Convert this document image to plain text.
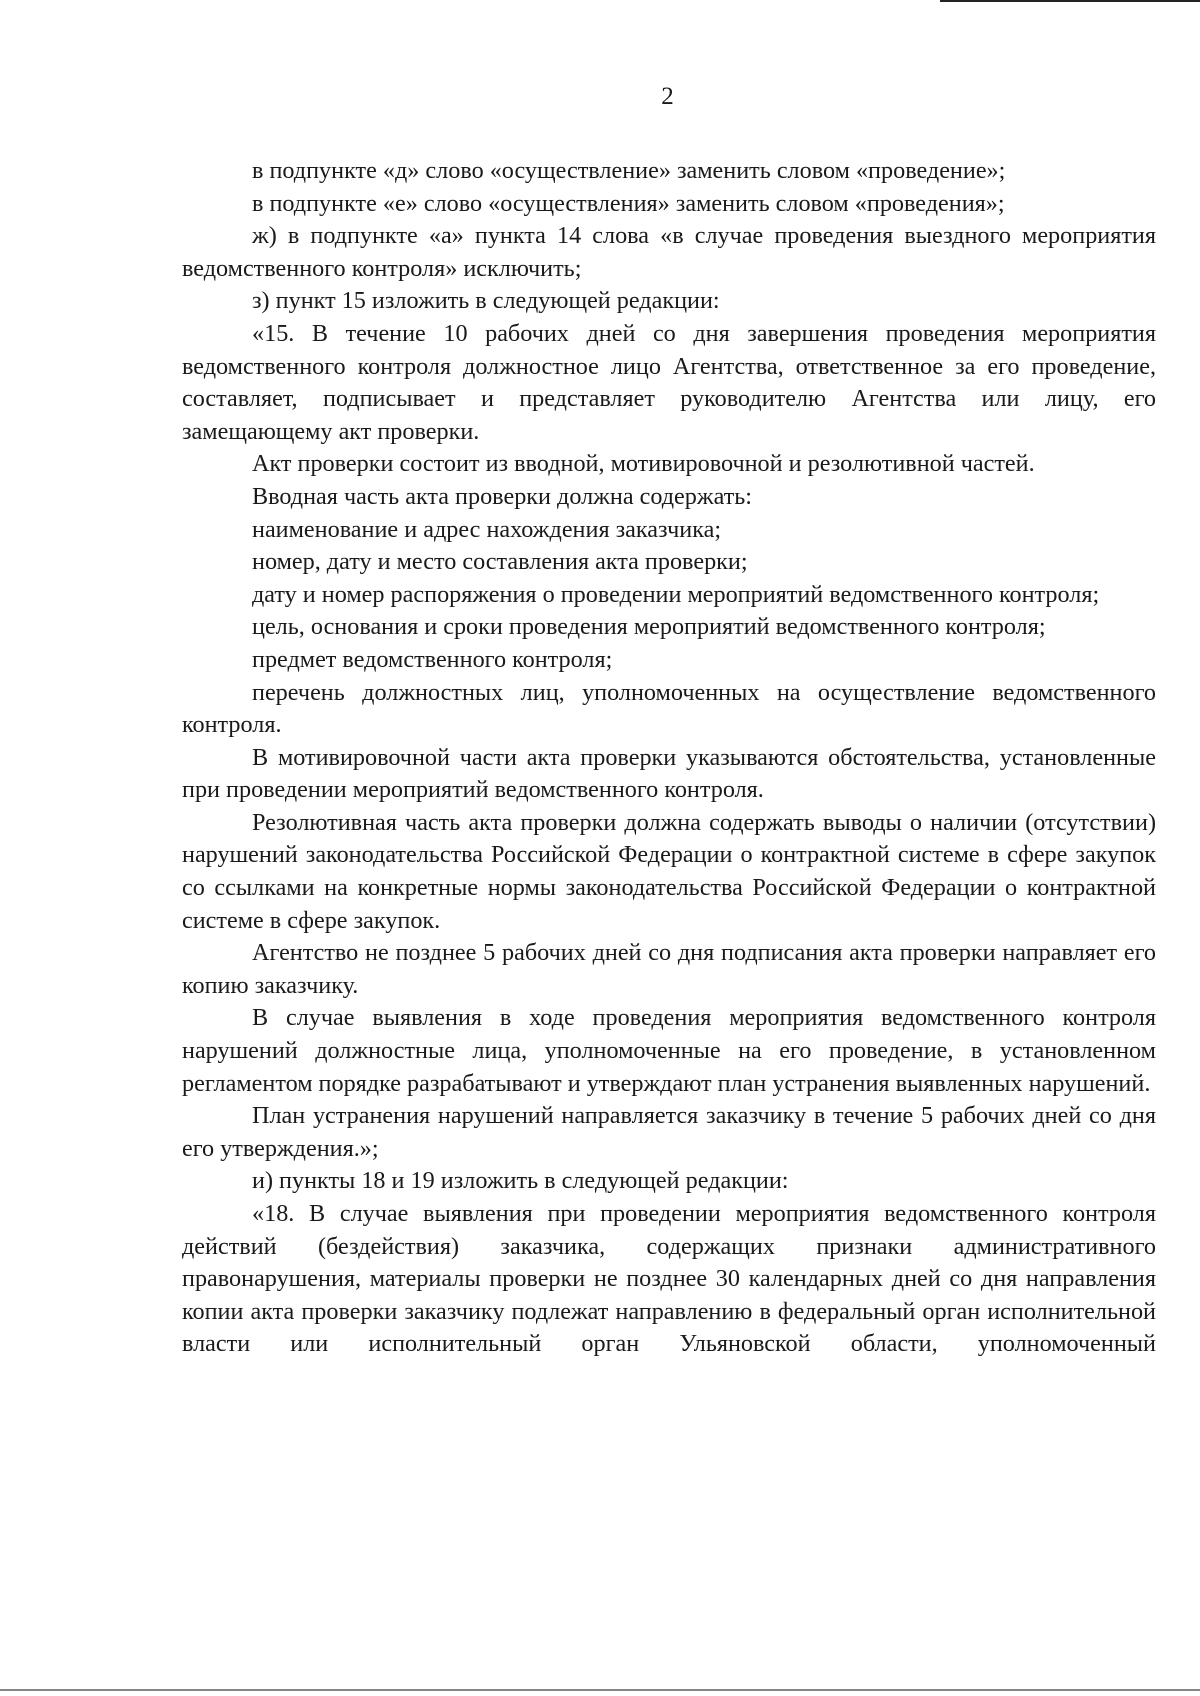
2

в подпункте «д» слово «осуществление» заменить словом «проведение»;

в подпункте «е» слово «осуществления» заменить словом «проведения»;

ж) в подпункте «а» пункта 14 слова «в случае проведения выездного мероприятия ведомственного контроля» исключить;

з) пункт 15 изложить в следующей редакции:

«15. В течение 10 рабочих дней со дня завершения проведения мероприятия ведомственного контроля должностное лицо Агентства, ответственное за его проведение, составляет, подписывает и представляет руководителю Агентства или лицу, его замещающему акт проверки.

Акт проверки состоит из вводной, мотивировочной и резолютивной частей.

Вводная часть акта проверки должна содержать:

наименование и адрес нахождения заказчика;

номер, дату и место составления акта проверки;

дату и номер распоряжения о проведении мероприятий ведомственного контроля;

цель, основания и сроки проведения мероприятий ведомственного контроля;

предмет ведомственного контроля;

перечень должностных лиц, уполномоченных на осуществление ведомственного контроля.

В мотивировочной части акта проверки указываются обстоятельства, установленные при проведении мероприятий ведомственного контроля.

Резолютивная часть акта проверки должна содержать выводы о наличии (отсутствии) нарушений законодательства Российской Федерации о контрактной системе в сфере закупок со ссылками на конкретные нормы законодательства Российской Федерации о контрактной системе в сфере закупок.

Агентство не позднее 5 рабочих дней со дня подписания акта проверки направляет его копию заказчику.

В случае выявления в ходе проведения мероприятия ведомственного контроля нарушений должностные лица, уполномоченные на его проведение, в установленном регламентом порядке разрабатывают и утверждают план устранения выявленных нарушений.

План устранения нарушений направляется заказчику в течение 5 рабочих дней со дня его утверждения.»;

и) пункты 18 и 19 изложить в следующей редакции:

«18. В случае выявления при проведении мероприятия ведомственного контроля действий (бездействия) заказчика, содержащих признаки административного правонарушения, материалы проверки не позднее 30 календарных дней со дня направления копии акта проверки заказчику подлежат направлению в федеральный орган исполнительной власти или исполнительный орган Ульяновской области, уполномоченный
